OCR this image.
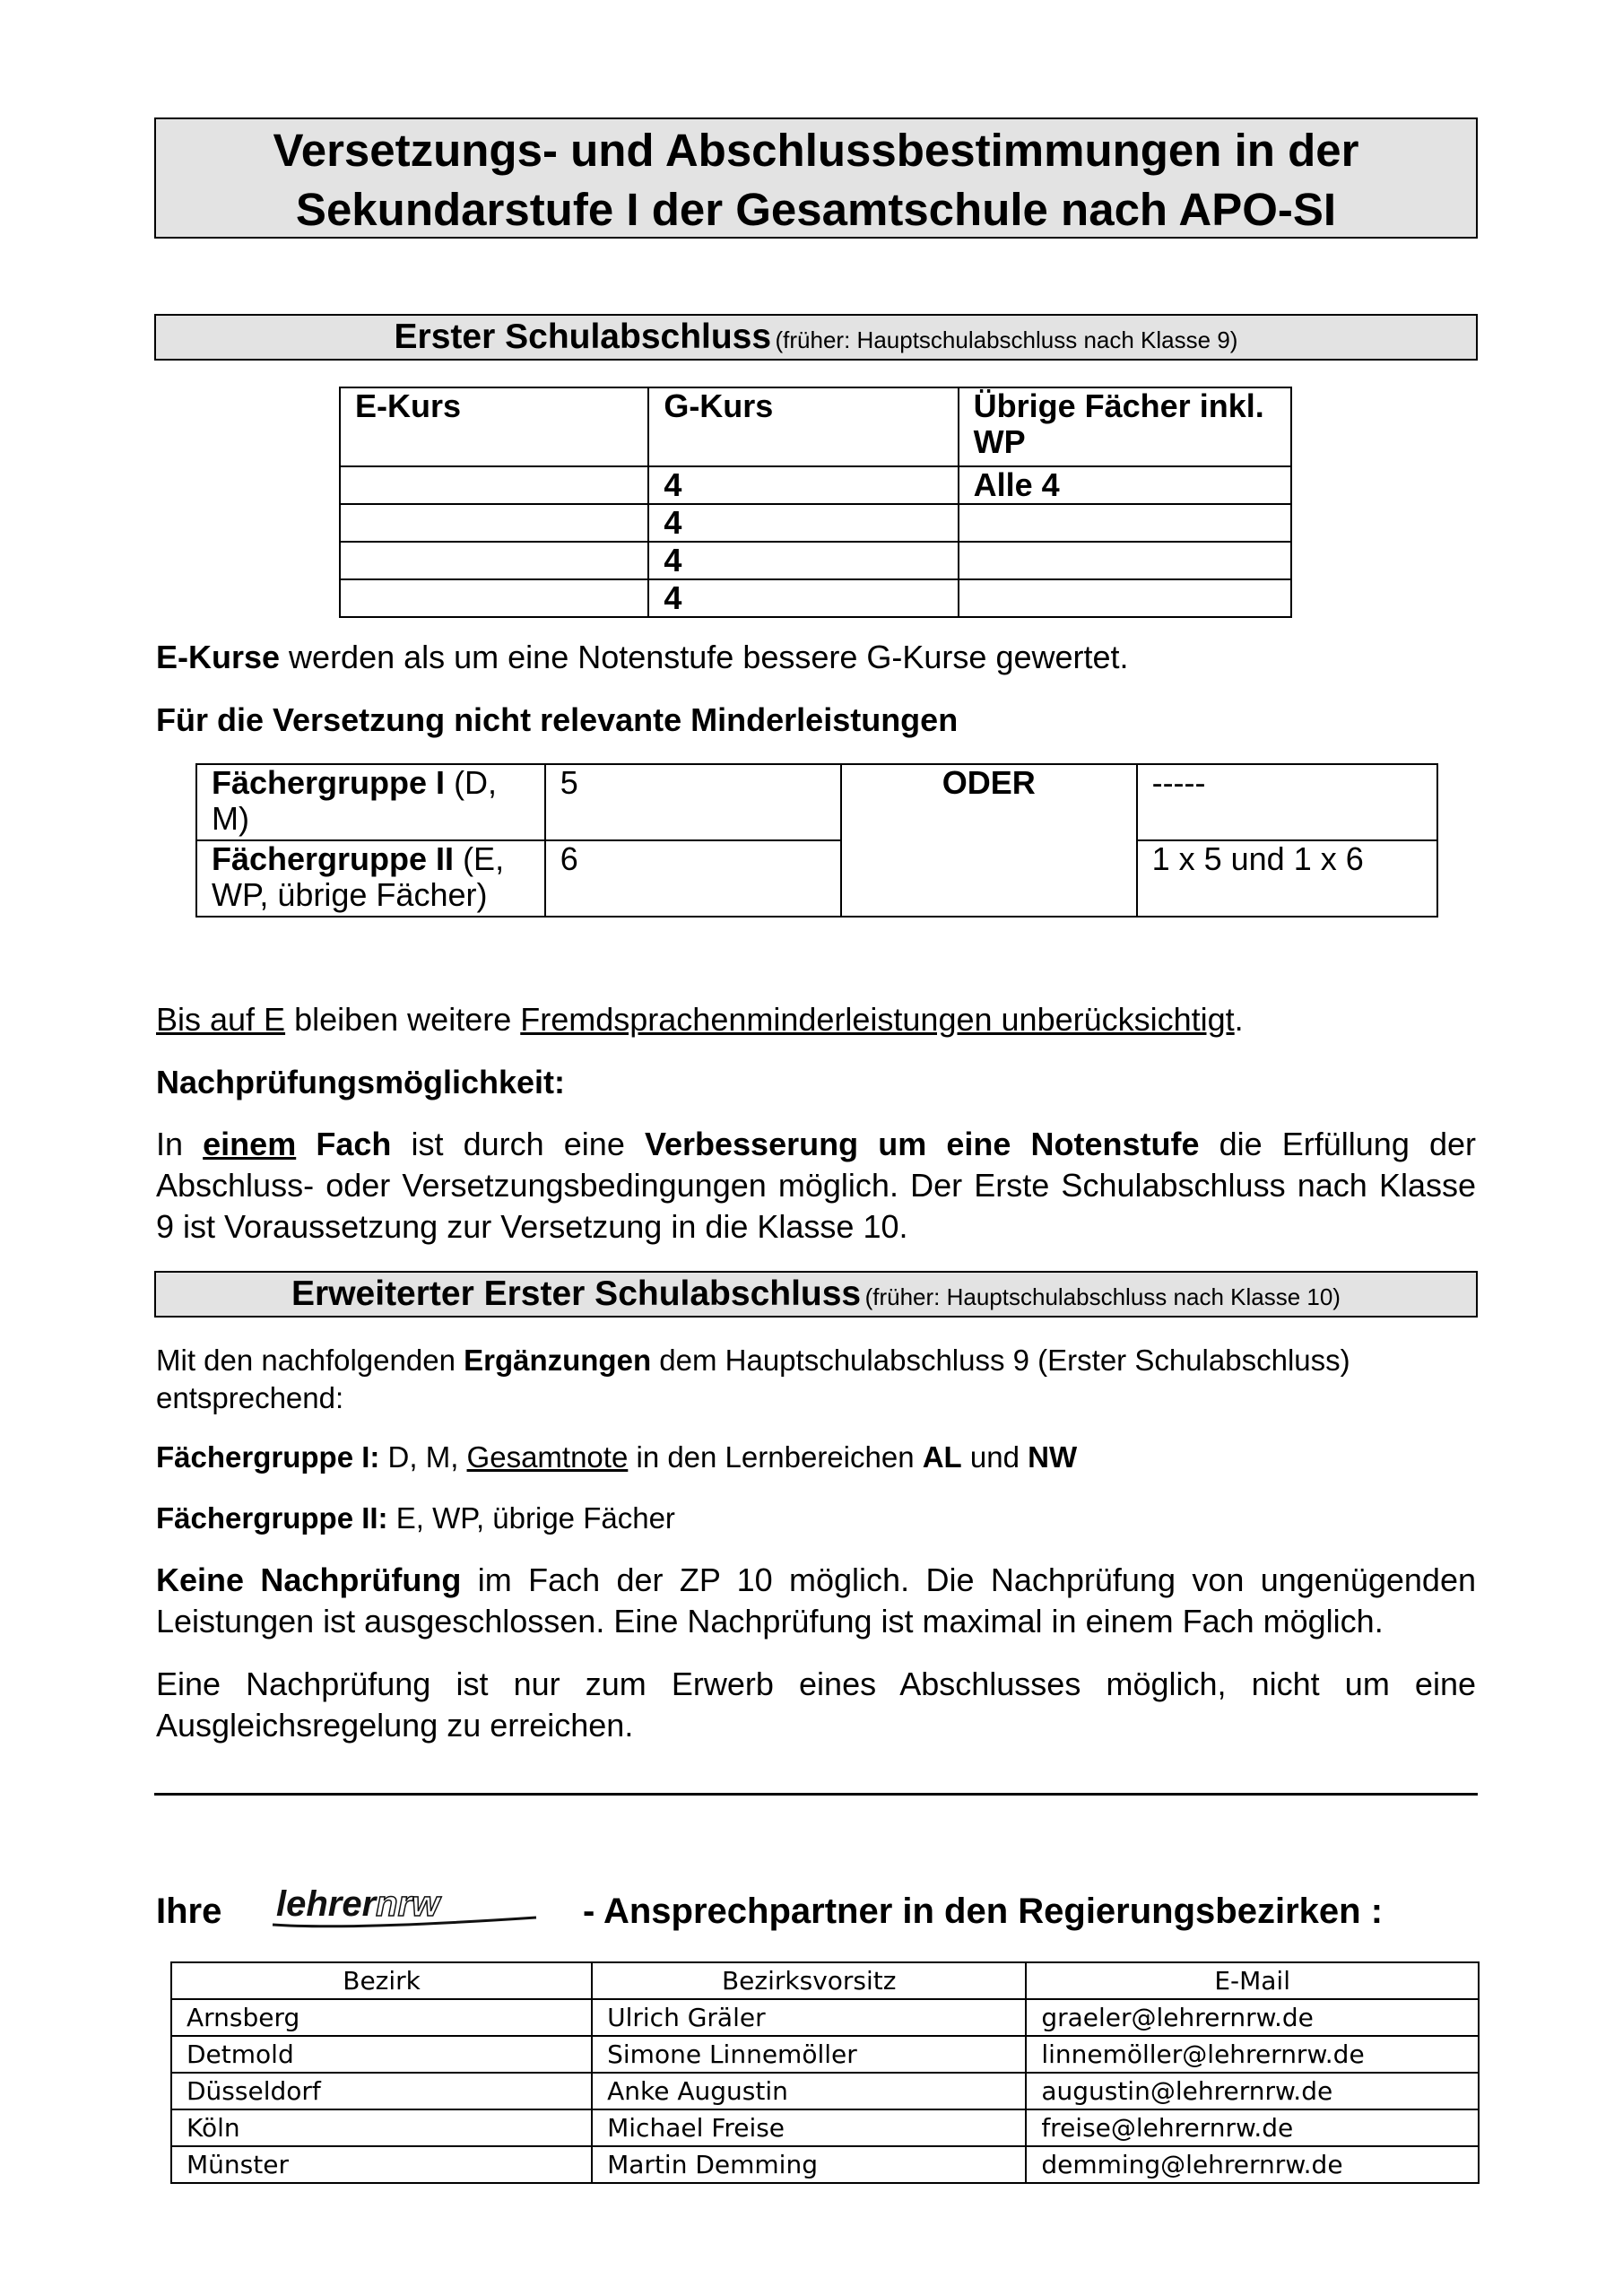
Versetzungs- und Abschlussbestimmungen in der
Sekundarstufe I der Gesamtschule nach APO-SI
Erster Schulabschluss (früher: Hauptschulabschluss nach Klasse 9)
E-Kurs	G-Kurs	Übrige Fächer inkl. WP
	4	Alle 4
	4	
	4	
	4	
E-Kurse werden als um eine Notenstufe bessere G-Kurse gewertet.
Für die Versetzung nicht relevante Minderleistungen
Fächergruppe I (D, M)	5	ODER	-----
Fächergruppe II (E, WP, übrige Fächer)	6		1 x 5 und 1 x 6
Bis auf E bleiben weitere Fremdsprachenminderleistungen unberücksichtigt.
Nachprüfungsmöglichkeit:
In einem Fach ist durch eine Verbesserung um eine Notenstufe die Erfüllung der Abschluss- oder Versetzungsbedingungen möglich. Der Erste Schulabschluss nach Klasse 9 ist Voraussetzung zur Versetzung in die Klasse 10.
Erweiterter Erster Schulabschluss (früher: Hauptschulabschluss nach Klasse 10)
Mit den nachfolgenden Ergänzungen dem Hauptschulabschluss 9 (Erster Schulabschluss) entsprechend:
Fächergruppe I: D, M, Gesamtnote in den Lernbereichen AL und NW
Fächergruppe II: E, WP, übrige Fächer
Keine Nachprüfung im Fach der ZP 10 möglich. Die Nachprüfung von ungenügenden Leistungen ist ausgeschlossen. Eine Nachprüfung ist maximal in einem Fach möglich.
Eine Nachprüfung ist nur zum Erwerb eines Abschlusses möglich, nicht um eine Ausgleichsregelung zu erreichen.
Ihre lehrernrw	- Ansprechpartner in den Regierungsbezirken :
Bezirk	Bezirksvorsitz	E-Mail
Arnsberg	Ulrich Gräler	graeler@lehrernrw.de
Detmold	Simone Linnemöller	linnemöller@lehrernrw.de
Düsseldorf	Anke Augustin	augustin@lehrernrw.de
Köln	Michael Freise	freise@lehrernrw.de
Münster	Martin Demming	demming@lehrernrw.de
